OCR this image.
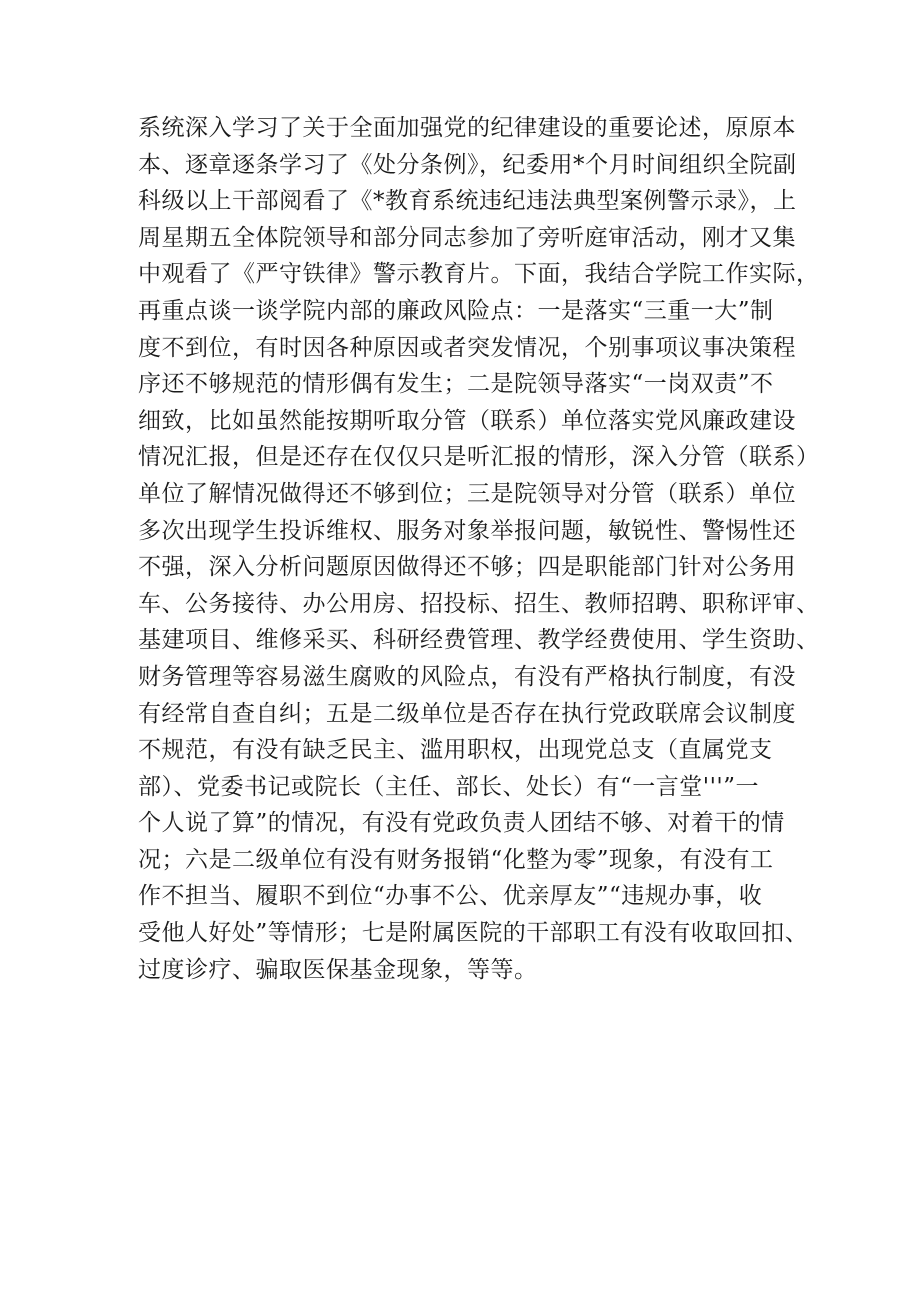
系统深入学习了关于全面加强党的纪律建设的重要论述，原原本
本、逐章逐条学习了《处分条例》，纪委用*个月时间组织全院副
科级以上干部阅看了《*教育系统违纪违法典型案例警示录》，上
周星期五全体院领导和部分同志参加了旁听庭审活动，刚才又集
中观看了《严守铁律》警示教育片。下面，我结合学院工作实际，
再重点谈一谈学院内部的廉政风险点：一是落实“三重一大”制
度不到位，有时因各种原因或者突发情况，个别事项议事决策程
序还不够规范的情形偶有发生；二是院领导落实“一岗双责”不
细致，比如虽然能按期听取分管（联系）单位落实党风廉政建设
情况汇报，但是还存在仅仅只是听汇报的情形，深入分管（联系）
单位了解情况做得还不够到位；三是院领导对分管（联系）单位
多次出现学生投诉维权、服务对象举报问题，敏锐性、警惕性还
不强，深入分析问题原因做得还不够；四是职能部门针对公务用
车、公务接待、办公用房、招投标、招生、教师招聘、职称评审、
基建项目、维修采买、科研经费管理、教学经费使用、学生资助、
财务管理等容易滋生腐败的风险点，有没有严格执行制度，有没
有经常自查自纠；五是二级单位是否存在执行党政联席会议制度
不规范，有没有缺乏民主、滥用职权，出现党总支（直属党支
部）、党委书记或院长（主任、部长、处长）有“一言堂'''”一
个人说了算”的情况，有没有党政负责人团结不够、对着干的情
况；六是二级单位有没有财务报销“化整为零”现象，有没有工
作不担当、履职不到位“办事不公、优亲厚友”“违规办事，收
受他人好处”等情形；七是附属医院的干部职工有没有收取回扣、
过度诊疗、骗取医保基金现象，等等。
